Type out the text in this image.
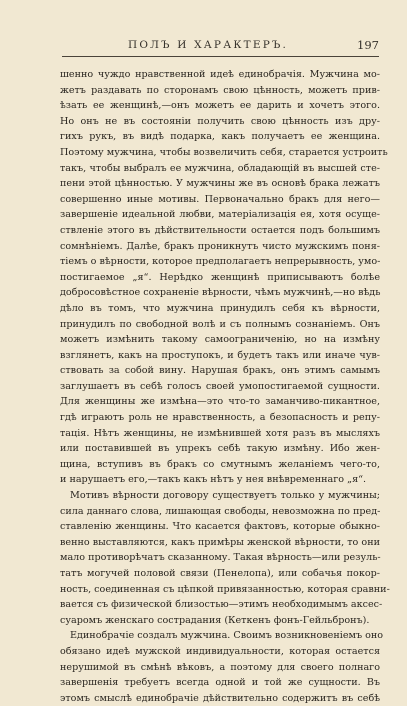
ПОЛЪ И ХАРАКТЕРЪ.	197
шенно чуждо нравственной идеѣ единобрачія. Мужчина мо-
жетъ раздавать по сторонамъ свою цѣнность, можетъ прив-
ѣзать ее женщинѣ,—онъ можетъ ее дарить и хочетъ этого.
Но онъ не въ состояніи получить свою цѣнность изъ дру-
гихъ рукъ, въ видѣ подарка, какъ получаетъ ее женщина.
Поэтому мужчина, чтобы возвеличить себя, старается устроить
такъ, чтобы выбралъ ее мужчина, обладающій въ высшей сте-
пени этой цѣнностью. У мужчины же въ основѣ брака лежатъ
совершенно иные мотивы. Первоначально бракъ для него—
завершеніе идеальной любви, матеріализація ея, хотя осуще-
ствленіе этого въ дѣйствительности остается подъ большимъ
сомнѣніемъ. Далѣе, бракъ проникнутъ чисто мужскимъ поня-
тіемъ о вѣрности, которое предполагаетъ непрерывность, умо-
постигаемое „я“. Нерѣдко женщинѣ приписываютъ болѣе
добросовѣстное сохраненіе вѣрности, чѣмъ мужчинѣ,—но вѣдь
дѣло въ томъ, что мужчина принудилъ себя къ вѣрности,
принудилъ по свободной волѣ и съ полнымъ сознаніемъ. Онъ
можетъ измѣнить такому самоограниченію, но на измѣну
взглянетъ, какъ на проступокъ, и будетъ такъ или иначе чув-
ствовать за собой вину. Нарушая бракъ, онъ этимъ самымъ
заглушаетъ въ себѣ голосъ своей умопостигаемой сущности.
Для женщины же измѣна—это что-то заманчиво-пикантное,
гдѣ играютъ роль не нравственность, а безопасность и репу-
тація. Нѣтъ женщины, не измѣнившей хотя разъ въ мысляхъ
или поставившей въ упрекъ себѣ такую измѣну. Ибо жен-
щина, вступивъ въ бракъ со смутнымъ желаніемъ чего-то,
и нарушаетъ его,—такъ какъ нѣтъ у нея внѣвременнаго „я“.
Мотивъ вѣрности договору существуетъ только у мужчины;
сила даннаго слова, лишающая свободы, невозможна по пред-
ставленію женщины. Что касается фактовъ, которые обыкно-
венно выставляются, какъ примѣры женской вѣрности, то они
мало противорѣчатъ сказанному. Такая вѣрность—или резуль-
татъ могучей половой связи (Пенелопа), или собачья покор-
ность, соединенная съ цѣпкой привязанностью, которая сравни-
вается съ физической близостью—этимъ необходимымъ аксес-
суаромъ женскаго сострадания (Кеткенъ фонъ-Гейльбронъ).
Единобрачіе создалъ мужчина. Своимъ возникновеніемъ оно
обязано идеѣ мужской индивидуальности, которая остается
нерушимой въ смѣнѣ вѣковъ, а поэтому для своего полнаго
завершенія требуетъ всегда одной и той же сущности. Въ
этомъ смыслѣ единобрачіе дѣйствительно содержитъ въ себѣ
